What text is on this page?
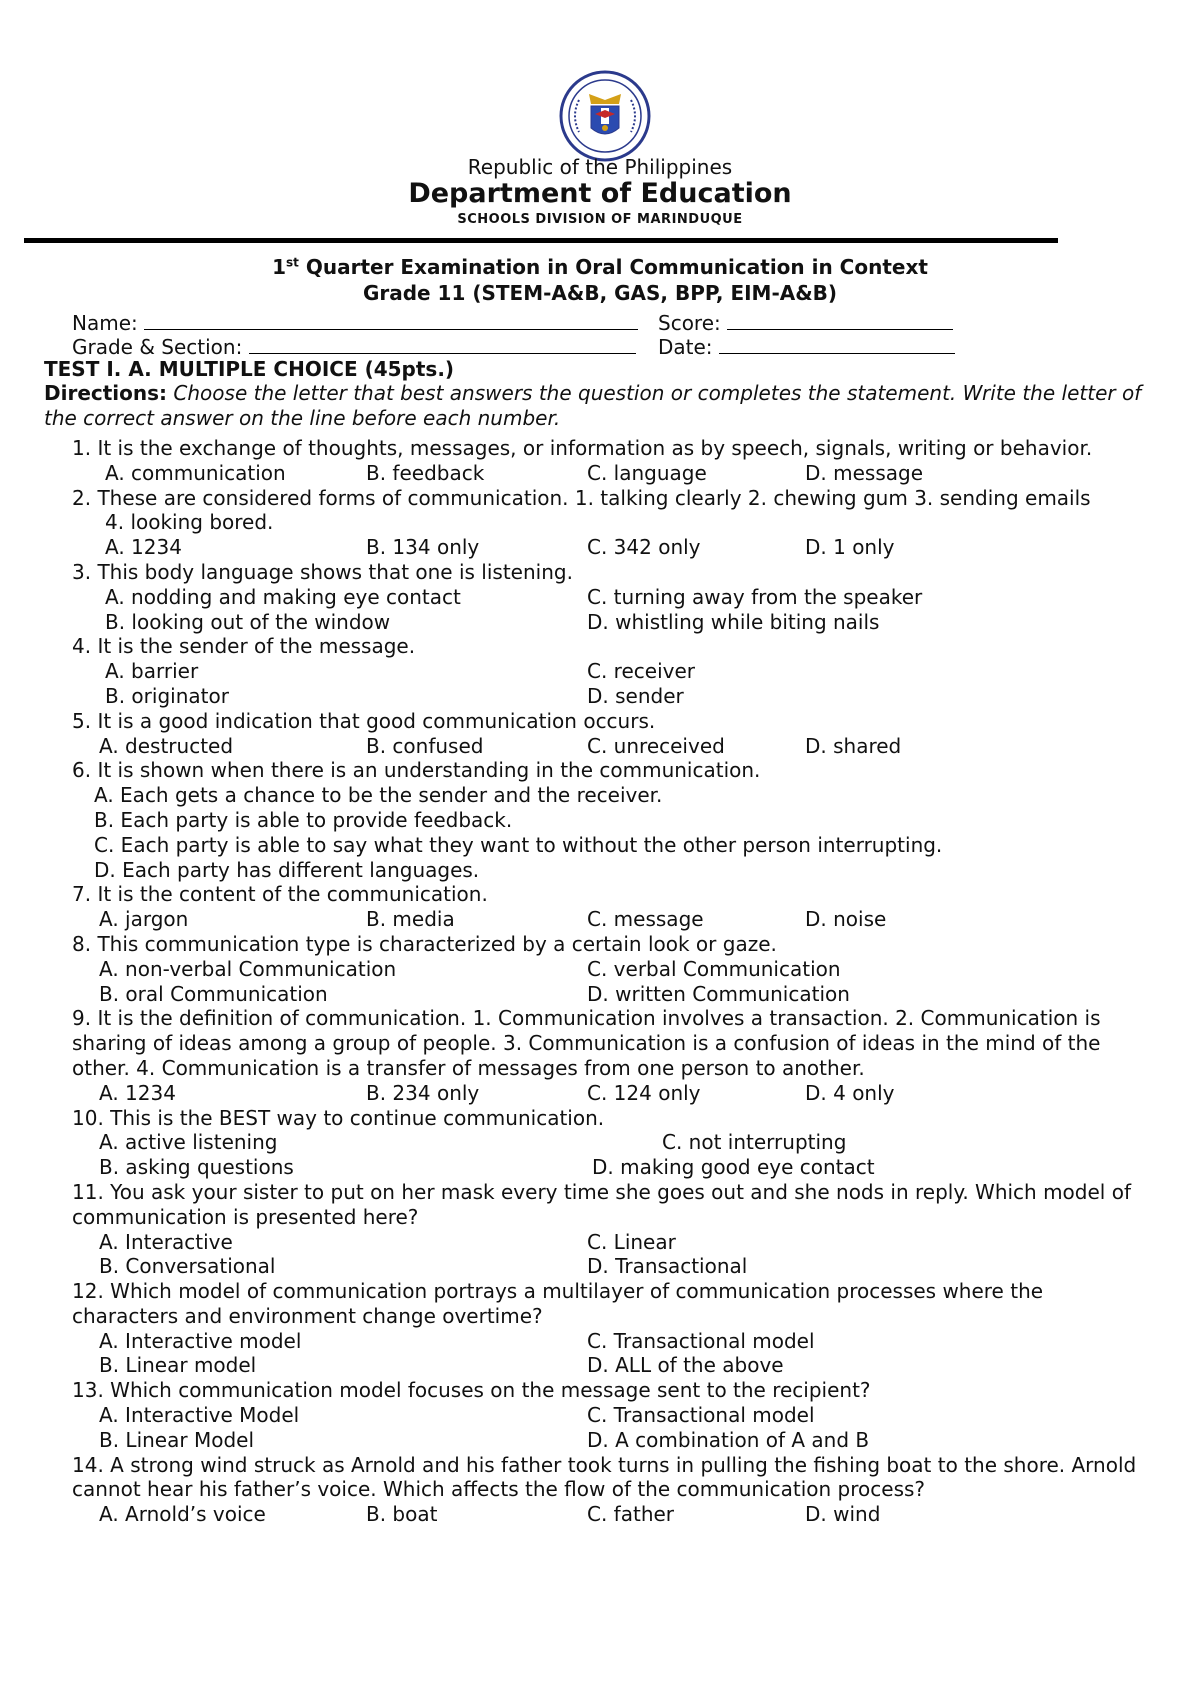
Republic of the Philippines
Department of Education
SCHOOLS DIVISION OF MARINDUQUE
1st Quarter Examination in Oral Communication in Context
Grade 11 (STEM-A&B, GAS, BPP, EIM-A&B)
Name:	Score:
Grade & Section:	Date:
TEST I. A. MULTIPLE CHOICE (45pts.)
Directions: Choose the letter that best answers the question or completes the statement. Write the letter of the correct answer on the line before each number.
1. It is the exchange of thoughts, messages, or information as by speech, signals, writing or behavior.
A. communication	B. feedback	C. language	D. message
2. These are considered forms of communication. 1. talking clearly 2. chewing gum 3. sending emails
4. looking bored.
A. 1234	B. 134 only	C. 342 only	D. 1 only
3. This body language shows that one is listening.
A. nodding and making eye contact	C. turning away from the speaker
B. looking out of the window	D. whistling while biting nails
4. It is the sender of the message.
A. barrier	C. receiver
B. originator	D. sender
5. It is a good indication that good communication occurs.
A. destructed	B. confused	C. unreceived	D. shared
6. It is shown when there is an understanding in the communication.
A. Each gets a chance to be the sender and the receiver.
B. Each party is able to provide feedback.
C. Each party is able to say what they want to without the other person interrupting.
D. Each party has different languages.
7. It is the content of the communication.
A. jargon	B. media	C. message	D. noise
8. This communication type is characterized by a certain look or gaze.
A. non-verbal Communication	C. verbal Communication
B. oral Communication	D. written Communication
9. It is the definition of communication. 1. Communication involves a transaction. 2. Communication is sharing of ideas among a group of people. 3. Communication is a confusion of ideas in the mind of the other. 4. Communication is a transfer of messages from one person to another.
A. 1234	B. 234 only	C. 124 only	D. 4 only
10. This is the BEST way to continue communication.
A. active listening	C. not interrupting
B. asking questions	D. making good eye contact
11. You ask your sister to put on her mask every time she goes out and she nods in reply. Which model of communication is presented here?
A. Interactive	C. Linear
B. Conversational	D. Transactional
12. Which model of communication portrays a multilayer of communication processes where the characters and environment change overtime?
A. Interactive model	C. Transactional model
B. Linear model	D. ALL of the above
13. Which communication model focuses on the message sent to the recipient?
A. Interactive Model	C. Transactional model
B. Linear Model	D. A combination of A and B
14. A strong wind struck as Arnold and his father took turns in pulling the fishing boat to the shore. Arnold cannot hear his father’s voice. Which affects the flow of the communication process?
A. Arnold’s voice	B. boat	C. father	D. wind
